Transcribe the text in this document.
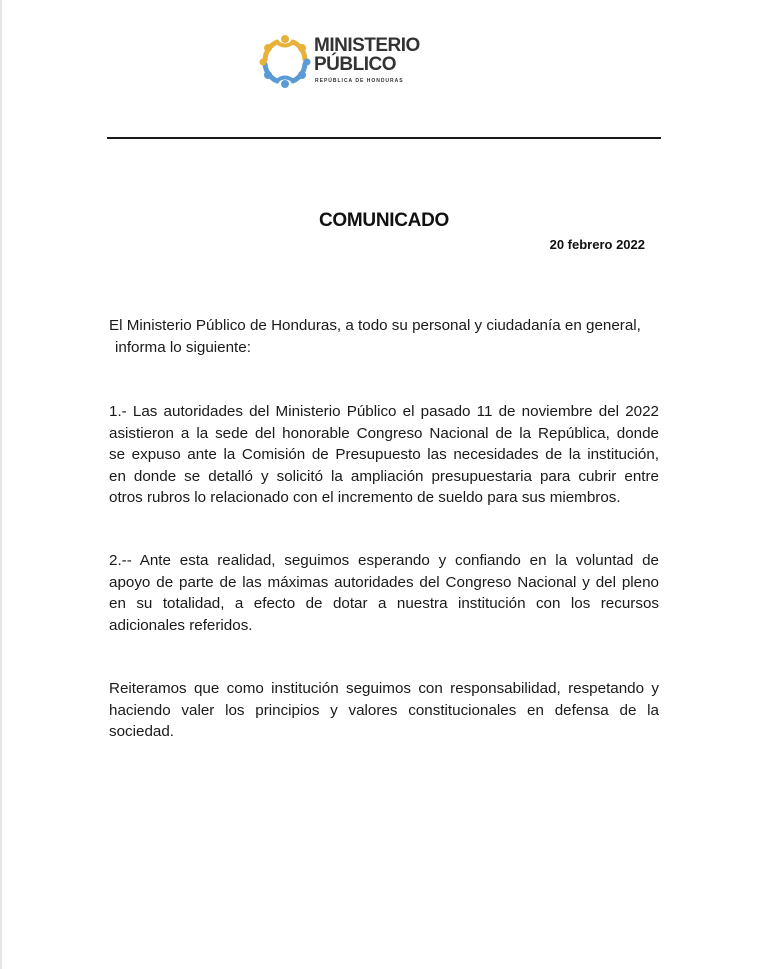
MINISTERIO
PÚBLICO
REPÚBLICA DE HONDURAS
COMUNICADO
20 febrero 2022
El Ministerio Público de Honduras, a todo su personal y ciudadanía en general,
informa lo siguiente:
1.- Las autoridades del Ministerio Público el pasado 11 de noviembre del 2022
asistieron a la sede del honorable Congreso Nacional de la República, donde
se expuso ante la Comisión de Presupuesto las necesidades de la institución,
en donde se detalló y solicitó la ampliación presupuestaria para cubrir entre
otros rubros lo relacionado con el incremento de sueldo para sus miembros.
2.-- Ante esta realidad, seguimos esperando y confiando en la voluntad de
apoyo de parte de las máximas autoridades del Congreso Nacional y del pleno
en su totalidad, a efecto de dotar a nuestra institución con los recursos
adicionales referidos.
Reiteramos que como institución seguimos con responsabilidad, respetando y
haciendo valer los principios y valores constitucionales en defensa de la
sociedad.
